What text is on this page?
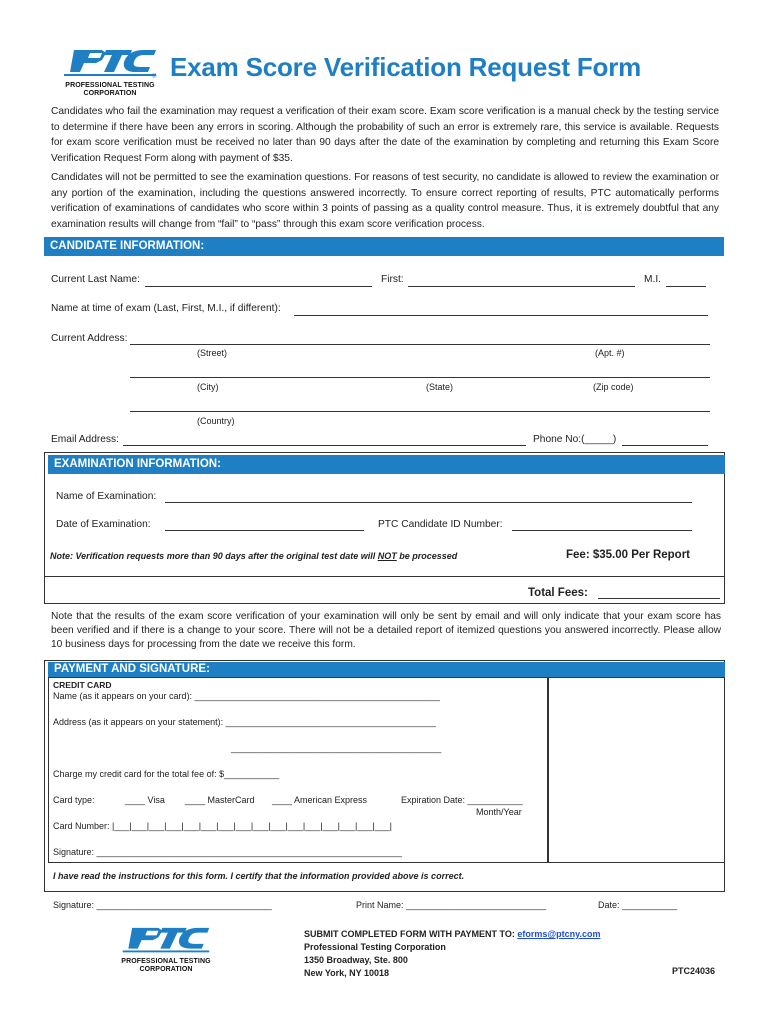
®
PROFESSIONAL TESTING
CORPORATION
Exam Score Verification Request Form
Candidates who fail the examination may request a verification of their exam score. Exam score verification is a manual check by the testing service to determine if there have been any errors in scoring. Although the probability of such an error is extremely rare, this service is available. Requests for exam score verification must be received no later than 90 days after the date of the examination by completing and returning this Exam Score Verification Request Form along with payment of $35.
Candidates will not be permitted to see the examination questions. For reasons of test security, no candidate is allowed to review the examination or any portion of the examination, including the questions answered incorrectly. To ensure correct reporting of results, PTC automatically performs verification of examinations of candidates who score within 3 points of passing as a quality control measure. Thus, it is extremely doubtful that any examination results will change from “fail” to “pass” through this exam score verification process.
CANDIDATE INFORMATION:
Current Last Name:	First:	M.I.
Name at time of exam (Last, First, M.I., if different):
Current Address:
(Street)	(Apt. #)
(City)	(State)	(Zip code)
(Country)
Email Address:	Phone No:(_____)
EXAMINATION INFORMATION:
Name of Examination:
Date of Examination:	PTC Candidate ID Number:
Note: Verification requests more than 90 days after the original test date will NOT be processed	Fee: $35.00 Per Report
Total Fees:
Note that the results of the exam score verification of your examination will only be sent by email and will only indicate that your exam score has been verified and if there is a change to your score. There will not be a detailed report of itemized questions you answered incorrectly. Please allow 10 business days for processing from the date we receive this form.
PAYMENT AND SIGNATURE:
CREDIT CARD
Name (as it appears on your card): _________________________________________________
Address (as it appears on your statement): __________________________________________
__________________________________________
Charge my credit card for the total fee of: $___________
Card type:	____ Visa ____ MasterCard ____ American Express	Expiration Date: ___________
Month/Year
Card Number: |___|___|___|___|___|___|___|___|___|___|___|___|___|___|___|___|
Signature: _____________________________________________________________
I have read the instructions for this form. I certify that the information provided above is correct.
Signature: ___________________________________	Print Name: ____________________________	Date: ___________
PROFESSIONAL TESTING
CORPORATION
SUBMIT COMPLETED FORM WITH PAYMENT TO: eforms@ptcny.com
Professional Testing Corporation
1350 Broadway, Ste. 800
New York, NY 10018	PTC24036
